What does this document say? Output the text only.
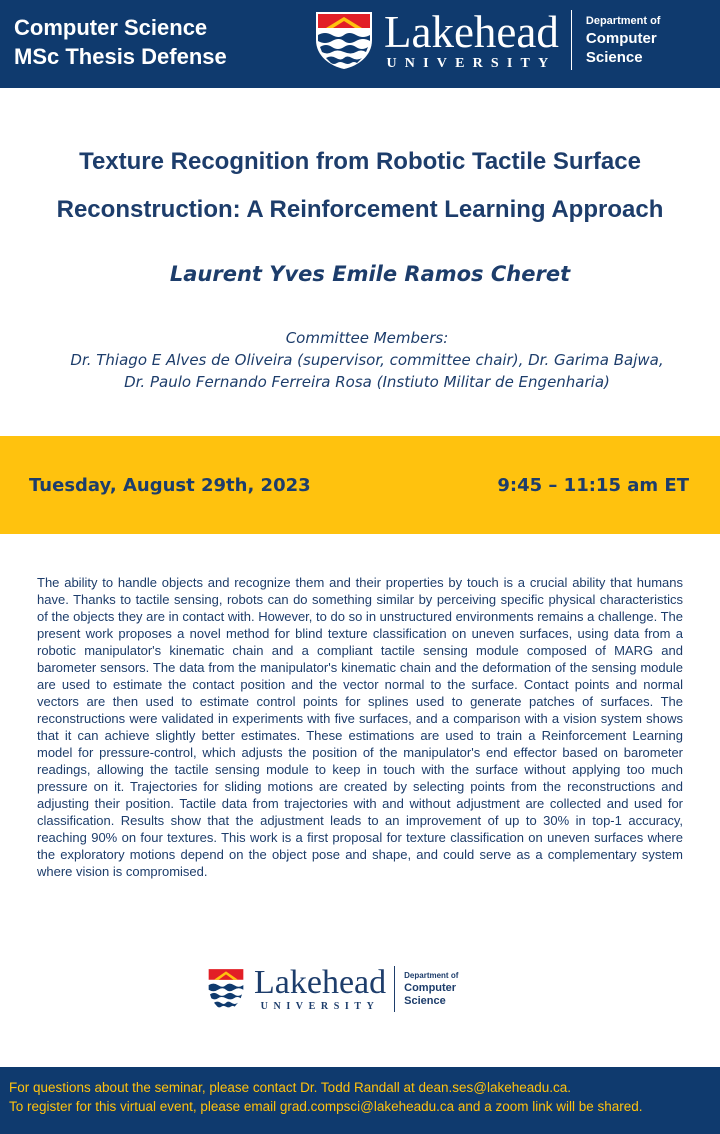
Computer Science
MSc Thesis Defense	Lakehead
UNIVERSITY
Department of
Computer
Science
Texture Recognition from Robotic Tactile Surface
Reconstruction: A Reinforcement Learning Approach
Laurent Yves Emile Ramos Cheret
Committee Members:
Dr. Thiago E Alves de Oliveira (supervisor, committee chair), Dr. Garima Bajwa,
Dr. Paulo Fernando Ferreira Rosa (Instiuto Militar de Engenharia)
Tuesday, August 29th, 2023	9:45 – 11:15 am ET
The ability to handle objects and recognize them and their properties by touch is a crucial ability that humans have. Thanks to tactile sensing, robots can do something similar by perceiving specific physical characteristics of the objects they are in contact with. However, to do so in unstructured environments remains a challenge. The present work proposes a novel method for blind texture classification on uneven surfaces, using data from a robotic manipulator's kinematic chain and a compliant tactile sensing module composed of MARG and barometer sensors. The data from the manipulator's kinematic chain and the deformation of the sensing module are used to estimate the contact position and the vector normal to the surface. Contact points and normal vectors are then used to estimate control points for splines used to generate patches of surfaces. The reconstructions were validated in experiments with five surfaces, and a comparison with a vision system shows that it can achieve slightly better estimates. These estimations are used to train a Reinforcement Learning model for pressure-control, which adjusts the position of the manipulator's end effector based on barometer readings, allowing the tactile sensing module to keep in touch with the surface without applying too much pressure on it. Trajectories for sliding motions are created by selecting points from the reconstructions and adjusting their position. Tactile data from trajectories with and without adjustment are collected and used for classification. Results show that the adjustment leads to an improvement of up to 30% in top-1 accuracy, reaching 90% on four textures. This work is a first proposal for texture classification on uneven surfaces where the exploratory motions depend on the object pose and shape, and could serve as a complementary system where vision is compromised.
Lakehead
UNIVERSITY
Department of
Computer
Science
For questions about the seminar, please contact Dr. Todd Randall at dean.ses@lakeheadu.ca.
To register for this virtual event, please email grad.compsci@lakeheadu.ca and a zoom link will be shared.
